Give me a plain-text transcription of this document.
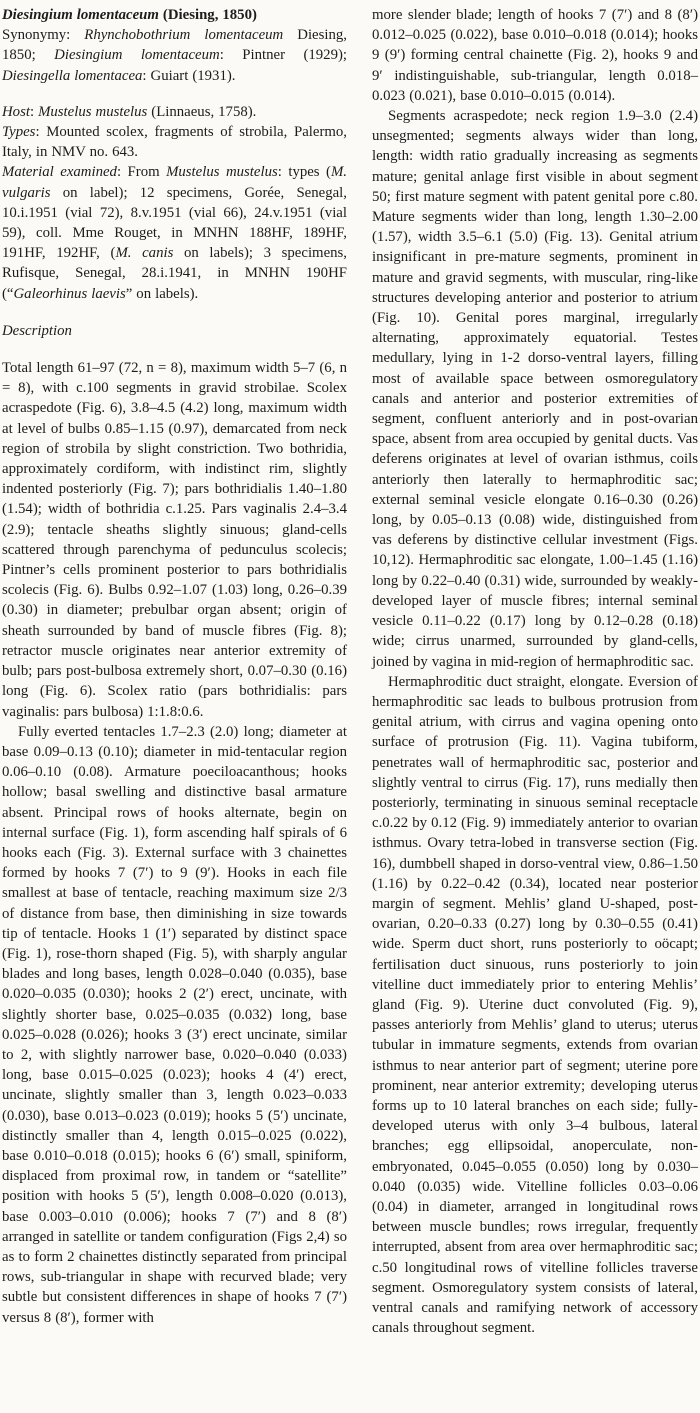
Diesingium lomentaceum (Diesing, 1850)

Synonymy: Rhynchobothrium lomentaceum Diesing, 1850; Diesingium lomentaceum: Pintner (1929); Diesingella lomentacea: Guiart (1931).

Host: Mustelus mustelus (Linnaeus, 1758).

Types: Mounted scolex, fragments of strobila, Palermo, Italy, in NMV no. 643.

Material examined: From Mustelus mustelus: types (M. vulgaris on label); 12 specimens, Gorée, Senegal, 10.i.1951 (vial 72), 8.v.1951 (vial 66), 24.v.1951 (vial 59), coll. Mme Rouget, in MNHN 188HF, 189HF, 191HF, 192HF, (M. canis on labels); 3 specimens, Rufisque, Senegal, 28.i.1941, in MNHN 190HF (“Galeorhinus laevis” on labels).

Description

Total length 61–97 (72, n = 8), maximum width 5–7 (6, n = 8), with c.100 segments in gravid strobilae. Scolex acraspedote (Fig. 6), 3.8–4.5 (4.2) long, maximum width at level of bulbs 0.85–1.15 (0.97), demarcated from neck region of strobila by slight constriction. Two bothridia, approximately cordiform, with indistinct rim, slightly indented posteriorly (Fig. 7); pars bothridialis 1.40–1.80 (1.54); width of bothridia c.1.25. Pars vaginalis 2.4–3.4 (2.9); tentacle sheaths slightly sinuous; gland-cells scattered through parenchyma of pedunculus scolecis; Pintner’s cells prominent posterior to pars bothridialis scolecis (Fig. 6). Bulbs 0.92–1.07 (1.03) long, 0.26–0.39 (0.30) in diameter; prebulbar organ absent; origin of sheath surrounded by band of muscle fibres (Fig. 8); retractor muscle originates near anterior extremity of bulb; pars post-bulbosa extremely short, 0.07–0.30 (0.16) long (Fig. 6). Scolex ratio (pars bothridialis: pars vaginalis: pars bulbosa) 1:1.8:0.6.

Fully everted tentacles 1.7–2.3 (2.0) long; diameter at base 0.09–0.13 (0.10); diameter in mid-tentacular region 0.06–0.10 (0.08). Armature poeciloacanthous; hooks hollow; basal swelling and distinctive basal armature absent. Principal rows of hooks alternate, begin on internal surface (Fig. 1), form ascending half spirals of 6 hooks each (Fig. 3). External surface with 3 chainettes formed by hooks 7 (7′) to 9 (9′). Hooks in each file smallest at base of tentacle, reaching maximum size 2/3 of distance from base, then diminishing in size towards tip of tentacle. Hooks 1 (1′) separated by distinct space (Fig. 1), rose-thorn shaped (Fig. 5), with sharply angular blades and long bases, length 0.028–0.040 (0.035), base 0.020–0.035 (0.030); hooks 2 (2′) erect, uncinate, with slightly shorter base, 0.025–0.035 (0.032) long, base 0.025–0.028 (0.026); hooks 3 (3′) erect uncinate, similar to 2, with slightly narrower base, 0.020–0.040 (0.033) long, base 0.015–0.025 (0.023); hooks 4 (4′) erect, uncinate, slightly smaller than 3, length 0.023–0.033 (0.030), base 0.013–0.023 (0.019); hooks 5 (5′) uncinate, distinctly smaller than 4, length 0.015–0.025 (0.022), base 0.010–0.018 (0.015); hooks 6 (6′) small, spiniform, displaced from proximal row, in tandem or “satellite” position with hooks 5 (5′), length 0.008–0.020 (0.013), base 0.003–0.010 (0.006); hooks 7 (7′) and 8 (8′) arranged in satellite or tandem configuration (Figs 2,4) so as to form 2 chainettes distinctly separated from principal rows, sub-triangular in shape with recurved blade; very subtle but consistent differences in shape of hooks 7 (7′) versus 8 (8′), former with

more slender blade; length of hooks 7 (7′) and 8 (8′) 0.012–0.025 (0.022), base 0.010–0.018 (0.014); hooks 9 (9′) forming central chainette (Fig. 2), hooks 9 and 9′ indistinguishable, sub-triangular, length 0.018–0.023 (0.021), base 0.010–0.015 (0.014).

Segments acraspedote; neck region 1.9–3.0 (2.4) unsegmented; segments always wider than long, length: width ratio gradually increasing as segments mature; genital anlage first visible in about segment 50; first mature segment with patent genital pore c.80. Mature segments wider than long, length 1.30–2.00 (1.57), width 3.5–6.1 (5.0) (Fig. 13). Genital atrium insignificant in pre-mature segments, prominent in mature and gravid segments, with muscular, ring-like structures developing anterior and posterior to atrium (Fig. 10). Genital pores marginal, irregularly alternating, approximately equatorial. Testes medullary, lying in 1-2 dorso-ventral layers, filling most of available space between osmoregulatory canals and anterior and posterior extremities of segment, confluent anteriorly and in post-ovarian space, absent from area occupied by genital ducts. Vas deferens originates at level of ovarian isthmus, coils anteriorly then laterally to hermaphroditic sac; external seminal vesicle elongate 0.16–0.30 (0.26) long, by 0.05–0.13 (0.08) wide, distinguished from vas deferens by distinctive cellular investment (Figs. 10,12). Hermaphroditic sac elongate, 1.00–1.45 (1.16) long by 0.22–0.40 (0.31) wide, surrounded by weakly-developed layer of muscle fibres; internal seminal vesicle 0.11–0.22 (0.17) long by 0.12–0.28 (0.18) wide; cirrus unarmed, surrounded by gland-cells, joined by vagina in mid-region of hermaphroditic sac.

Hermaphroditic duct straight, elongate. Eversion of hermaphroditic sac leads to bulbous protrusion from genital atrium, with cirrus and vagina opening onto surface of protrusion (Fig. 11). Vagina tubiform, penetrates wall of hermaphroditic sac, posterior and slightly ventral to cirrus (Fig. 17), runs medially then posteriorly, terminating in sinuous seminal receptacle c.0.22 by 0.12 (Fig. 9) immediately anterior to ovarian isthmus. Ovary tetra-lobed in transverse section (Fig. 16), dumbbell shaped in dorso-ventral view, 0.86–1.50 (1.16) by 0.22–0.42 (0.34), located near posterior margin of segment. Mehlis’ gland U-shaped, post-ovarian, 0.20–0.33 (0.27) long by 0.30–0.55 (0.41) wide. Sperm duct short, runs posteriorly to oöcapt; fertilisation duct sinuous, runs posteriorly to join vitelline duct immediately prior to entering Mehlis’ gland (Fig. 9). Uterine duct convoluted (Fig. 9), passes anteriorly from Mehlis’ gland to uterus; uterus tubular in immature segments, extends from ovarian isthmus to near anterior part of segment; uterine pore prominent, near anterior extremity; developing uterus forms up to 10 lateral branches on each side; fully-developed uterus with only 3–4 bulbous, lateral branches; egg ellipsoidal, anoperculate, non-embryonated, 0.045–0.055 (0.050) long by 0.030–0.040 (0.035) wide. Vitelline follicles 0.03–0.06 (0.04) in diameter, arranged in longitudinal rows between muscle bundles; rows irregular, frequently interrupted, absent from area over hermaphroditic sac; c.50 longitudinal rows of vitelline follicles traverse segment. Osmoregulatory system consists of lateral, ventral canals and ramifying network of accessory canals throughout segment.
